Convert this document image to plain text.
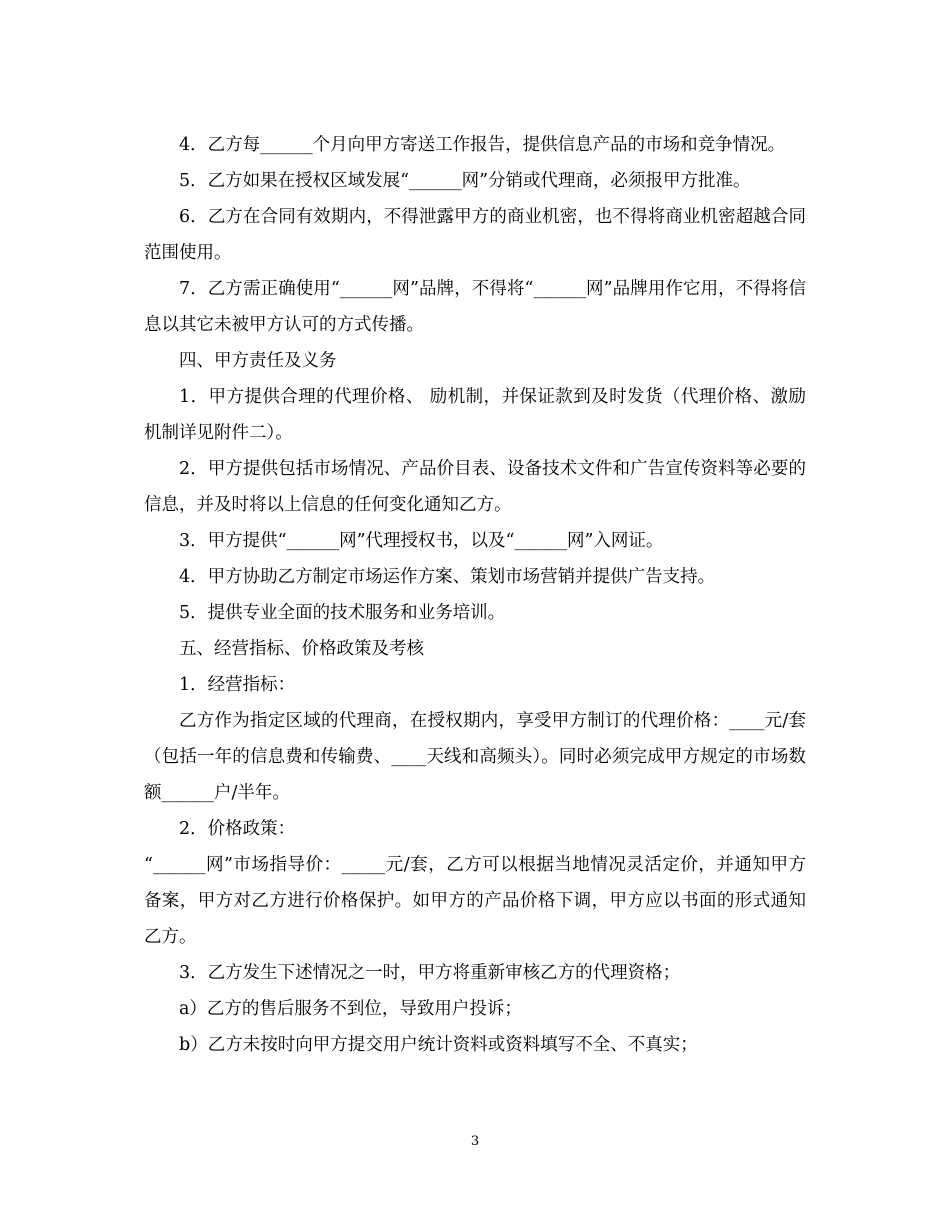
4．乙方每______个月向甲方寄送工作报告，提供信息产品的市场和竞争情况。

5．乙方如果在授权区域发展“______网”分销或代理商，必须报甲方批准。

6．乙方在合同有效期内，不得泄露甲方的商业机密，也不得将商业机密超越合同范围使用。

7．乙方需正确使用“______网”品牌，不得将“______网”品牌用作它用，不得将信息以其它未被甲方认可的方式传播。

四、甲方责任及义务

1．甲方提供合理的代理价格、 励机制，并保证款到及时发货（代理价格、激励机制详见附件二）。

2．甲方提供包括市场情况、产品价目表、设备技术文件和广告宣传资料等必要的信息，并及时将以上信息的任何变化通知乙方。

3．甲方提供“______网”代理授权书，以及“______网”入网证。

4．甲方协助乙方制定市场运作方案、策划市场营销并提供广告支持。

5．提供专业全面的技术服务和业务培训。

五、经营指标、价格政策及考核

1．经营指标：

乙方作为指定区域的代理商，在授权期内，享受甲方制订的代理价格：____元/套（包括一年的信息费和传输费、____天线和高频头）。同时必须完成甲方规定的市场数额______户/半年。

2．价格政策：

“______网”市场指导价：_____元/套，乙方可以根据当地情况灵活定价，并通知甲方备案，甲方对乙方进行价格保护。如甲方的产品价格下调，甲方应以书面的形式通知乙方。

3．乙方发生下述情况之一时，甲方将重新审核乙方的代理资格；

a）乙方的售后服务不到位，导致用户投诉；

b）乙方未按时向甲方提交用户统计资料或资料填写不全、不真实；

3
